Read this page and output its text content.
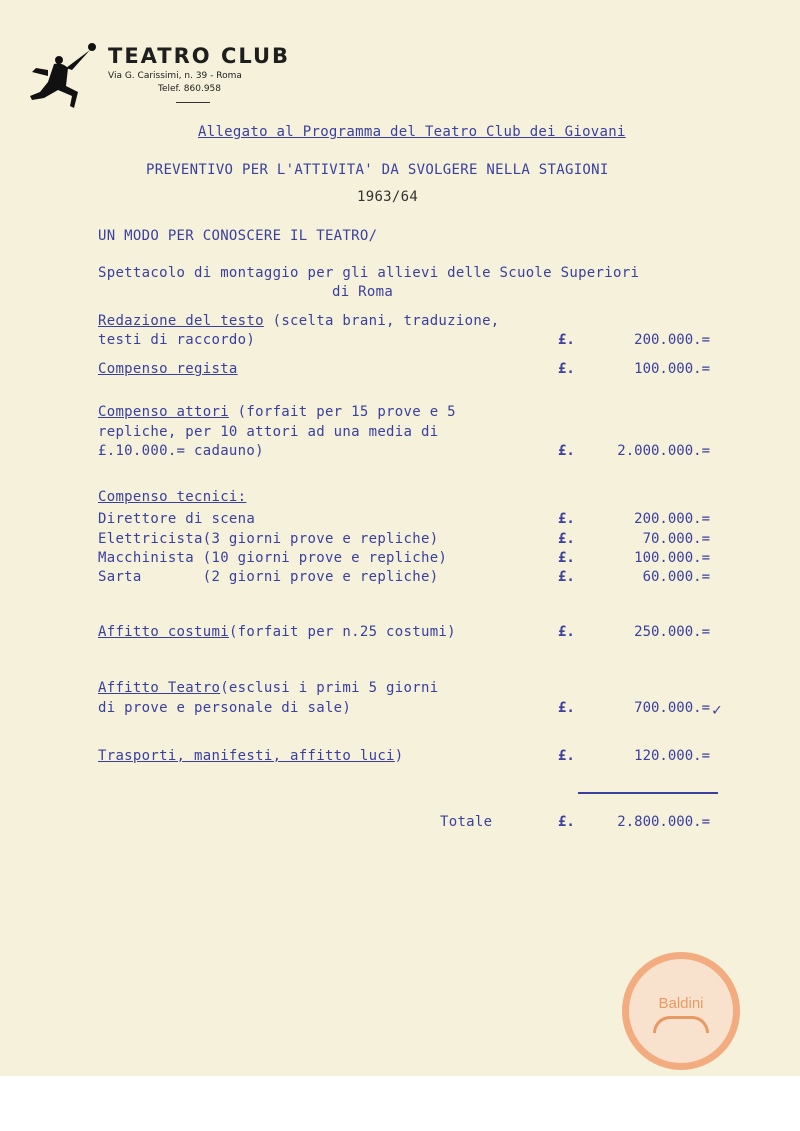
TEATRO CLUB
Via G. Carissimi, n. 39 - Roma
Telef. 860.958
Allegato al Programma del Teatro Club dei Giovani
PREVENTIVO PER L'ATTIVITA' DA SVOLGERE NELLA STAGIONI
1963/64
UN MODO PER CONOSCERE IL TEATRO/
Spettacolo di montaggio per gli allievi delle Scuole Superiori
di Roma
Redazione del testo (scelta brani, traduzione,
testi di raccordo)	£.	200.000.=
Compenso regista	£.	100.000.=
Compenso attori (forfait per 15 prove e 5
repliche, per 10 attori ad una media di
£.10.000.= cadauno)	£.	2.000.000.=
Compenso tecnici:
Direttore di scena	£.	200.000.=
Elettricista(3 giorni prove e repliche)	£.	70.000.=
Macchinista (10 giorni prove e repliche)	£.	100.000.=
Sarta       (2 giorni prove e repliche)	£.	60.000.=
Affitto costumi(forfait per n.25 costumi)	£.	250.000.=
Affitto Teatro(esclusi i primi 5 giorni
di prove e personale di sale)	£.	700.000.= ✓
Trasporti, manifesti, affitto luci)	£.	120.000.=
Totale	£.	2.800.000.=
Baldini
